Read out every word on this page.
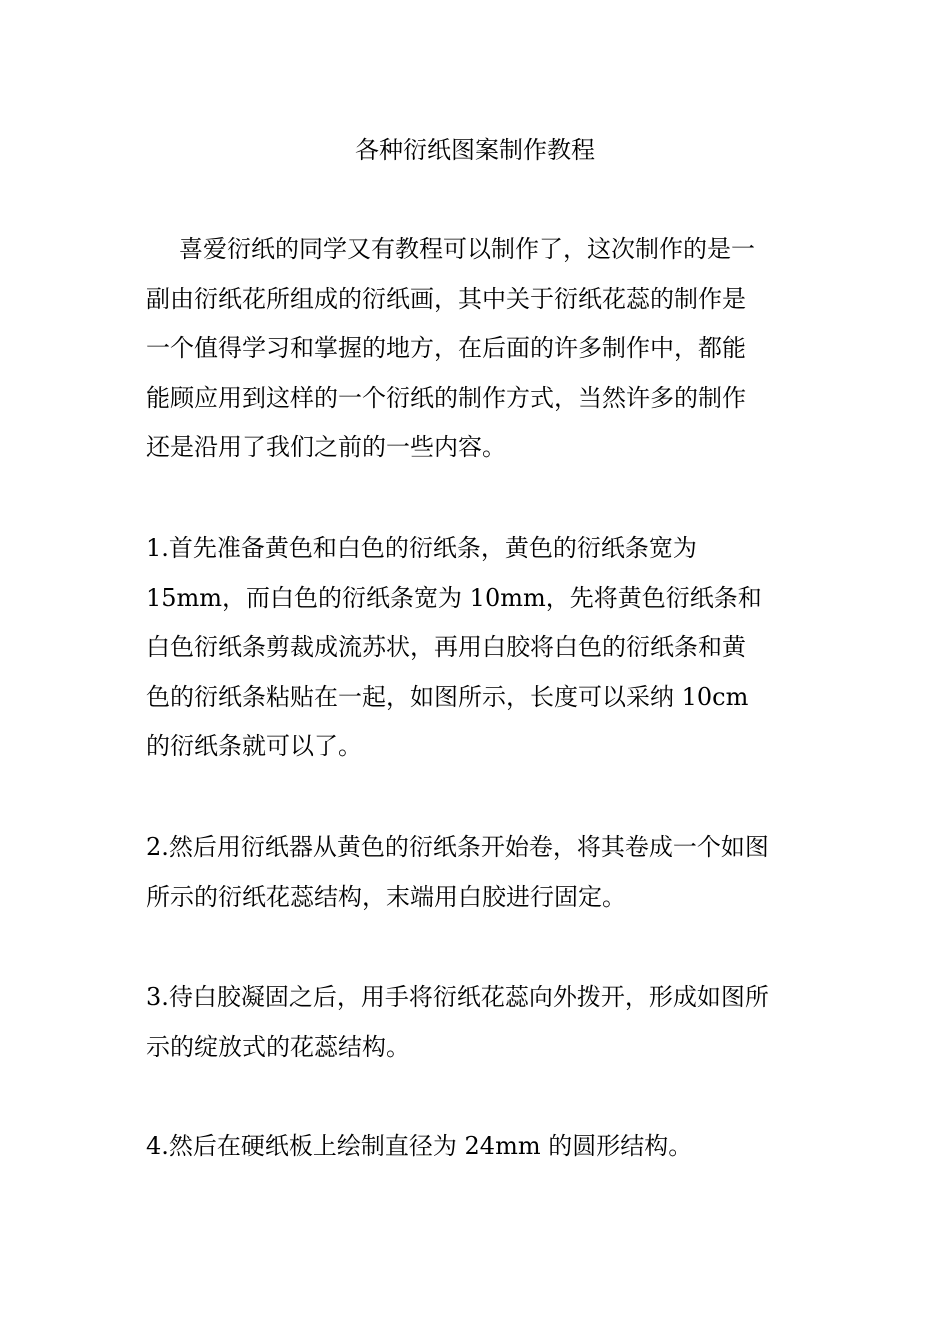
各种衍纸图案制作教程
喜爱衍纸的同学又有教程可以制作了，这次制作的是一
副由衍纸花所组成的衍纸画，其中关于衍纸花蕊的制作是
一个值得学习和掌握的地方，在后面的许多制作中，都能
能顾应用到这样的一个衍纸的制作方式，当然许多的制作
还是沿用了我们之前的一些内容。
1.首先准备黄色和白色的衍纸条，黄色的衍纸条宽为
15mm，而白色的衍纸条宽为 10mm，先将黄色衍纸条和
白色衍纸条剪裁成流苏状，再用白胶将白色的衍纸条和黄
色的衍纸条粘贴在一起，如图所示，长度可以采纳 10cm
的衍纸条就可以了。
2.然后用衍纸器从黄色的衍纸条开始卷，将其卷成一个如图
所示的衍纸花蕊结构，末端用白胶进行固定。
3.待白胶凝固之后，用手将衍纸花蕊向外拨开，形成如图所
示的绽放式的花蕊结构。
4.然后在硬纸板上绘制直径为 24mm 的圆形结构。
